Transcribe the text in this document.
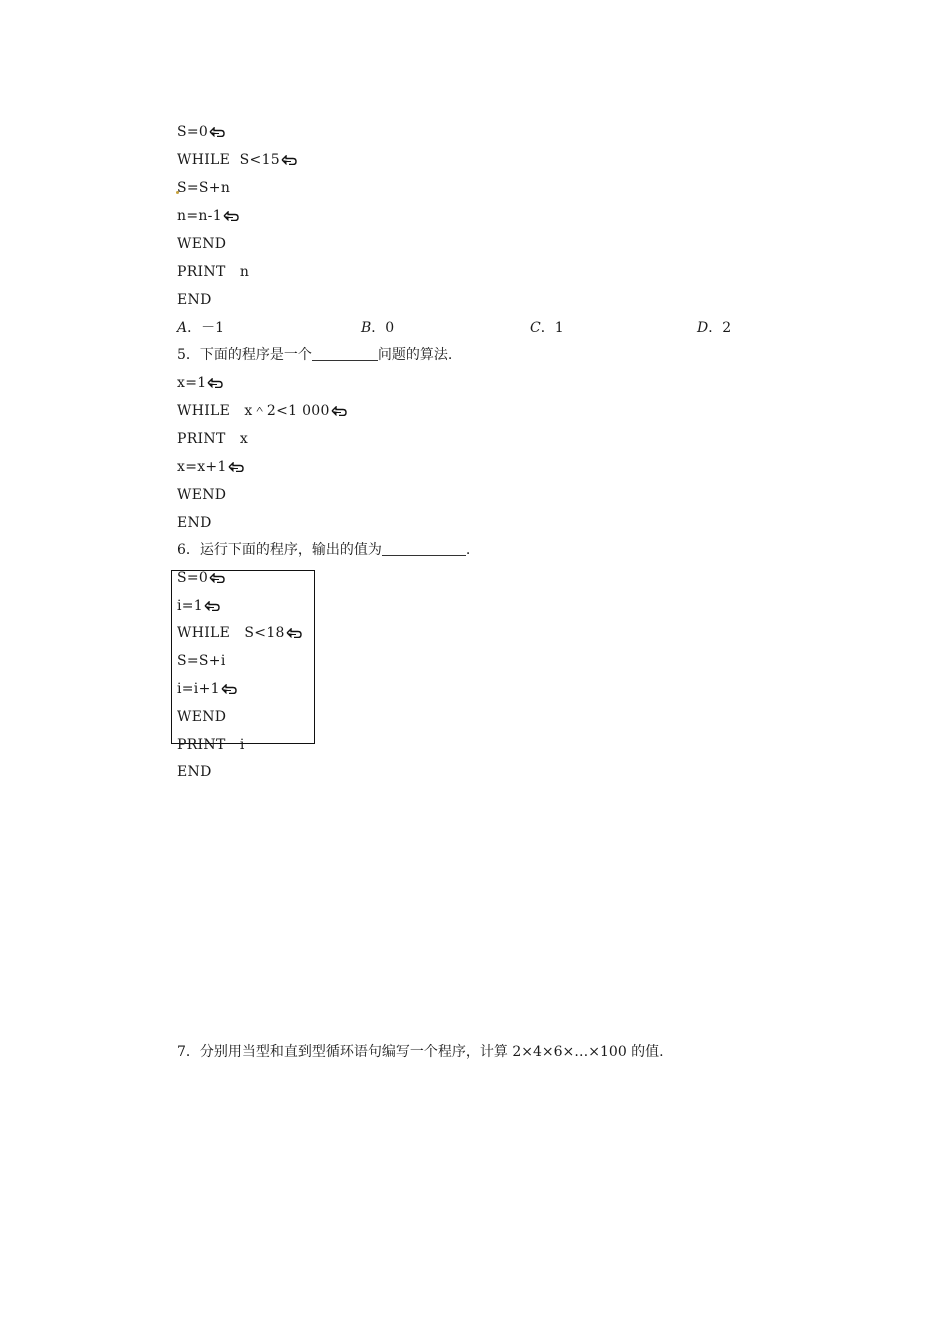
S=0
WHILE  S<15
S=S+n
n=n-1
WEND
PRINT   n
END
A．－1	B．0	C．1	D．2
5．下面的程序是一个	问题的算法.
x=1
WHILE   x＾2<1 000
PRINT   x
x=x+1
WEND
END
6．运行下面的程序，输出的值为	.
S=0
i=1
WHILE   S<18
S=S+i
i=i+1
WEND
PRINT   i
END
7．分别用当型和直到型循环语句编写一个程序，计算 2×4×6×…×100 的值.
